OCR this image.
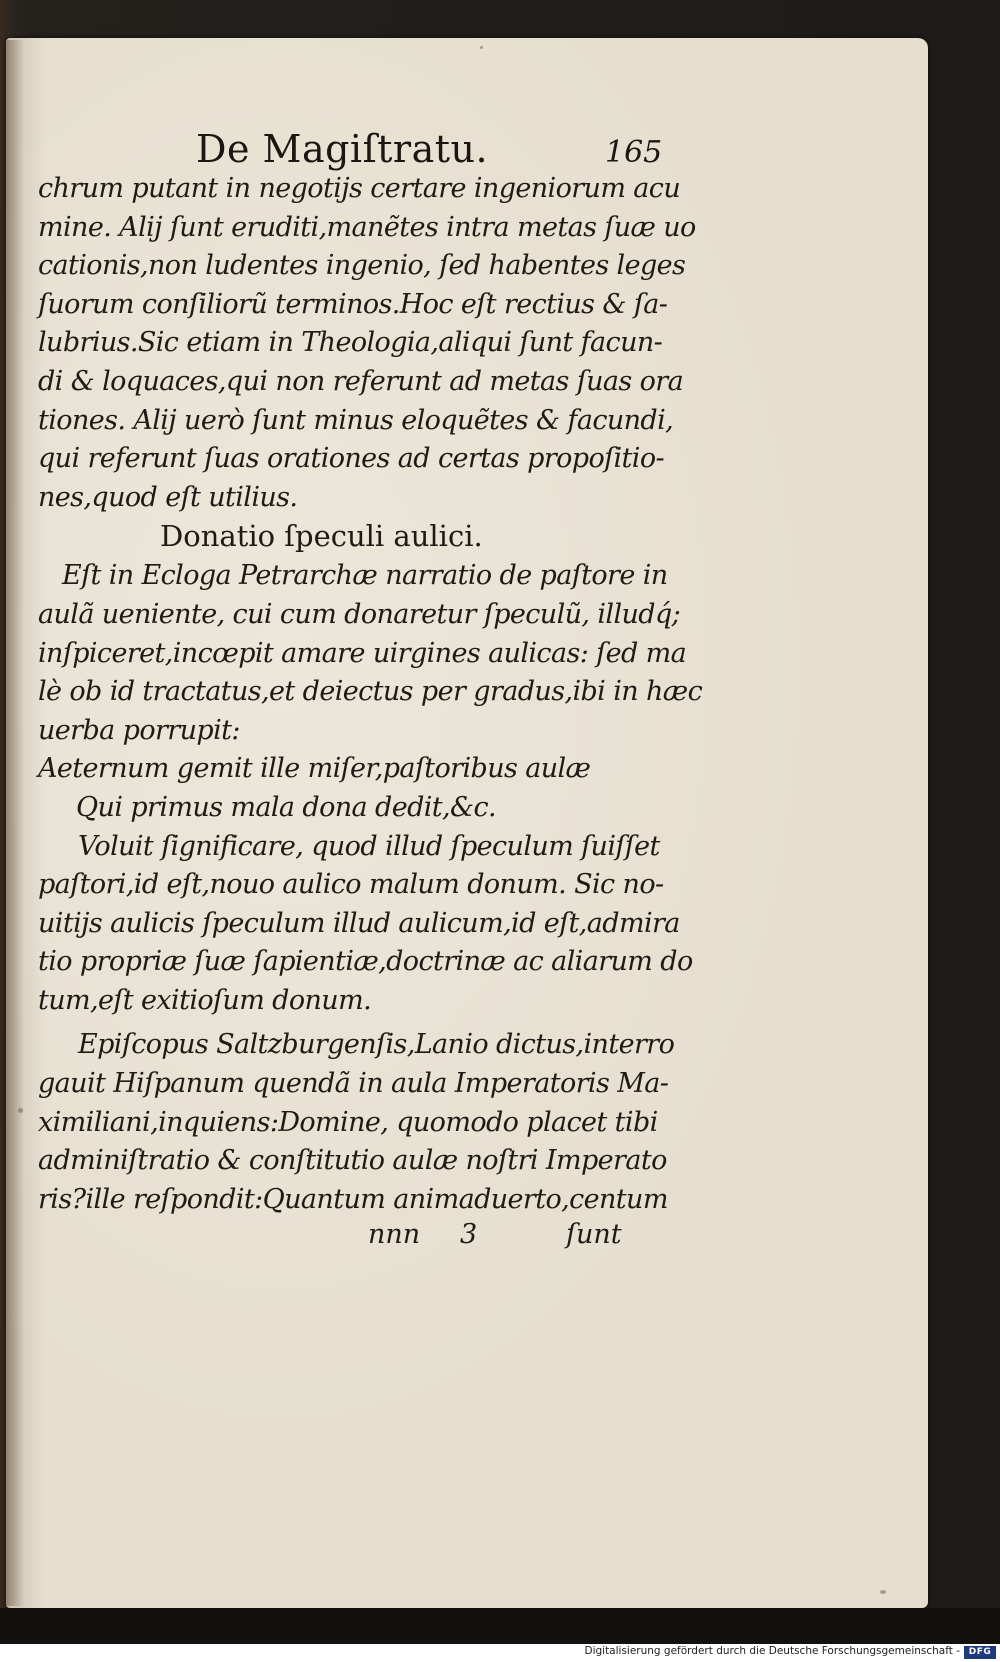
De Magiſtratu.	165
chrum putant in negotijs certare ingeniorum acu
mine. Alij ſunt eruditi,manẽtes intra metas ſuæ uo
cationis,non ludentes ingenio, ſed habentes leges
ſuorum conſiliorũ terminos.Hoc eſt rectius & ſa-
lubrius.Sic etiam in Theologia,aliqui ſunt facun-
di & loquaces,qui non referunt ad metas ſuas ora
tiones. Alij uerò ſunt minus eloquẽtes & facundi,
qui referunt ſuas orationes ad certas propoſitio-
nes,quod eſt utilius.
Donatio ſpeculi aulici.
Eſt in Ecloga Petrarchæ narratio de paſtore in
aulã ueniente, cui cum donaretur ſpeculũ, illudq́;
inſpiceret,incœpit amare uirgines aulicas: ſed ma
lè ob id tractatus,et deiectus per gradus,ibi in hæc
uerba porrupit:
Aeternum gemit ille miſer,paſtoribus aulæ
Qui primus mala dona dedit,&c.
Voluit ſignificare, quod illud ſpeculum ſuiſſet
paſtori,id eſt,nouo aulico malum donum. Sic no-
uitijs aulicis ſpeculum illud aulicum,id eſt,admira
tio propriæ ſuæ ſapientiæ,doctrinæ ac aliarum do
tum,eſt exitioſum donum.
Epiſcopus Saltzburgenſis,Lanio dictus,interro
gauit Hiſpanum quendã in aula Imperatoris Ma-
ximiliani,inquiens:Domine, quomodo placet tibi
adminiſtratio & conſtitutio aulæ noſtri Imperato
ris?ille reſpondit:Quantum animaduerto,centum
nnn 3	ſunt
Digitalisierung gefördert durch die Deutsche Forschungsgemeinschaft - DFG
